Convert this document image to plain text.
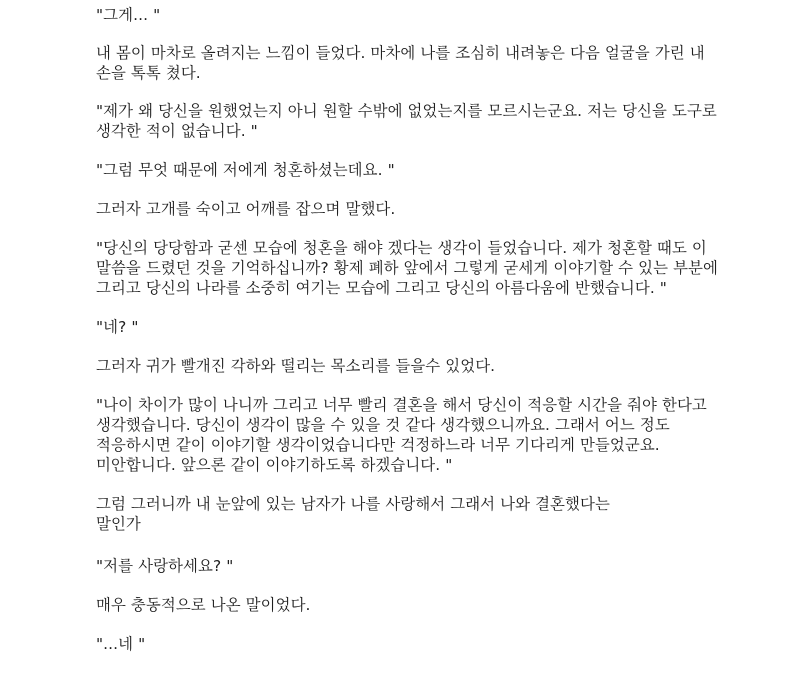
"그게... "

내 몸이 마차로 올려지는 느낌이 들었다. 마차에 나를 조심히 내려놓은 다음 얼굴을 가린 내
손을 톡톡 쳤다.

"제가 왜 당신을 원했었는지 아니 원할 수밖에 없었는지를 모르시는군요. 저는 당신을 도구로
생각한 적이 없습니다. "

"그럼 무엇 때문에 저에게 청혼하셨는데요. "

그러자 고개를 숙이고 어깨를 잡으며 말했다.

"당신의 당당함과 굳센 모습에 청혼을 해야 겠다는 생각이 들었습니다. 제가 청혼할 때도 이
말씀을 드렸던 것을 기억하십니까? 황제 폐하 앞에서 그렇게 굳세게 이야기할 수 있는 부분에
그리고 당신의 나라를 소중히 여기는 모습에 그리고 당신의 아름다움에 반했습니다. "

"네? "

그러자 귀가 빨개진 각하와 떨리는 목소리를 들을수 있었다.

"나이 차이가 많이 나니까 그리고 너무 빨리 결혼을 해서 당신이 적응할 시간을 줘야 한다고
생각했습니다. 당신이 생각이 많을 수 있을 것 같다 생각했으니까요. 그래서 어느 정도
적응하시면 같이 이야기할 생각이었습니다만 걱정하느라 너무 기다리게 만들었군요.
미안합니다. 앞으론 같이 이야기하도록 하겠습니다. "

그럼 그러니까 내 눈앞에 있는 남자가 나를 사랑해서 그래서 나와 결혼했다는
말인가

"저를 사랑하세요? "

매우 충동적으로 나온 말이었다.

"...네 "
